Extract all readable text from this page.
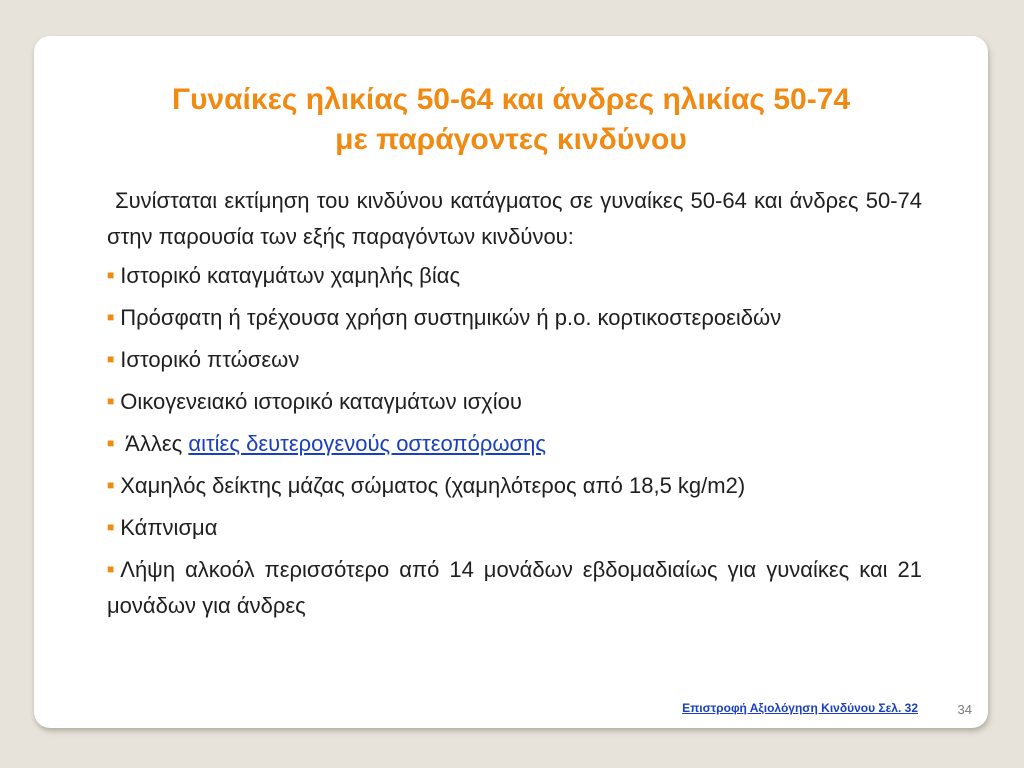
Γυναίκες ηλικίας 50-64 και άνδρες ηλικίας 50-74
με παράγοντες κινδύνου

Συνίσταται εκτίμηση του κινδύνου κατάγματος σε γυναίκες 50-64 και άνδρες 50-74 στην παρουσία των εξής παραγόντων κινδύνου:

■ Ιστορικό καταγμάτων χαμηλής βίας
■ Πρόσφατη ή τρέχουσα χρήση συστημικών ή p.o. κορτικοστεροειδών
■ Ιστορικό πτώσεων
■ Οικογενειακό ιστορικό καταγμάτων ισχίου
■ Άλλες αιτίες δευτερογενούς οστεοπόρωσης
■ Χαμηλός δείκτης μάζας σώματος (χαμηλότερος από 18,5 kg/m2)
■ Κάπνισμα
■ Λήψη αλκοόλ περισσότερο από 14 μονάδων εβδομαδιαίως για γυναίκες και 21 μονάδων για άνδρες
Επιστροφή Αξιολόγηση Κινδύνου Σελ. 32	34
